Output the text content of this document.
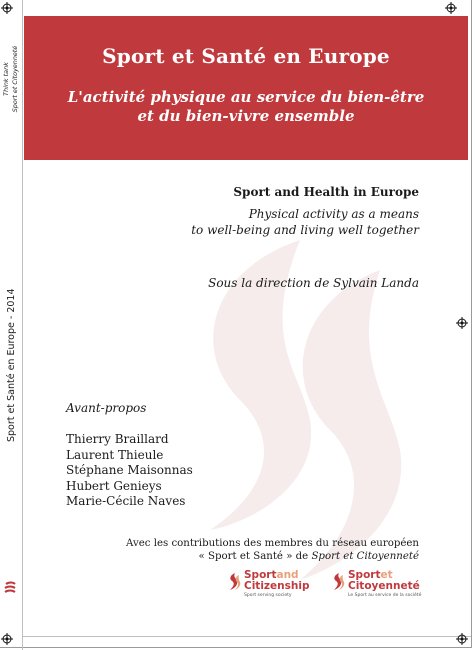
Sport et Santé en Europe
L'activité physique au service du bien-être
et du bien-vivre ensemble
Think tank Sport et Citoyenneté
Sport et Santé en Europe - 2014
Sport and Health in Europe
Physical activity as a means
to well-being and living well together
Sous la direction de Sylvain Landa
Avant-propos
Thierry Braillard
Laurent Thieule
Stéphane Maisonnas
Hubert Genieys
Marie-Cécile Naves
Avec les contributions des membres du réseau européen
« Sport et Santé » de Sport et Citoyenneté
Sportand
Citizenship
Sport serving society
Sportet
Citoyenneté
Le Sport au service de la société
